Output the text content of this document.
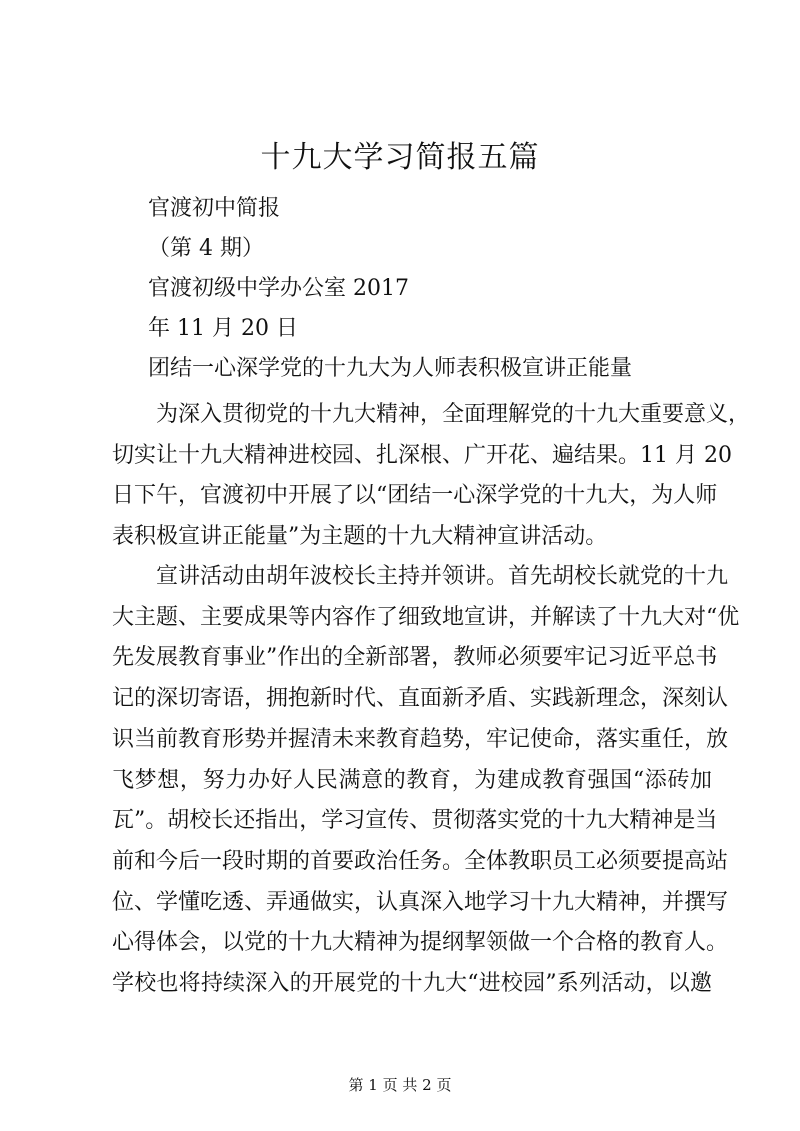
十九大学习简报五篇
官渡初中简报
（第 4 期）
官渡初级中学办公室 2017
年 11 月 20 日
团结一心深学党的十九大为人师表积极宣讲正能量
　　为深入贯彻党的十九大精神，全面理解党的十九大重要意义，
切实让十九大精神进校园、扎深根、广开花、遍结果。11 月 20
日下午，官渡初中开展了以“团结一心深学党的十九大，为人师
表积极宣讲正能量”为主题的十九大精神宣讲活动。
　　宣讲活动由胡年波校长主持并领讲。首先胡校长就党的十九
大主题、主要成果等内容作了细致地宣讲，并解读了十九大对“优
先发展教育事业”作出的全新部署，教师必须要牢记习近平总书
记的深切寄语，拥抱新时代、直面新矛盾、实践新理念，深刻认
识当前教育形势并握清未来教育趋势，牢记使命，落实重任，放
飞梦想，努力办好人民满意的教育，为建成教育强国“添砖加
瓦”。胡校长还指出，学习宣传、贯彻落实党的十九大精神是当
前和今后一段时期的首要政治任务。全体教职员工必须要提高站
位、学懂吃透、弄通做实，认真深入地学习十九大精神，并撰写
心得体会，以党的十九大精神为提纲挈领做一个合格的教育人。
学校也将持续深入的开展党的十九大“进校园”系列活动，以邀
第 1 页 共 2 页
